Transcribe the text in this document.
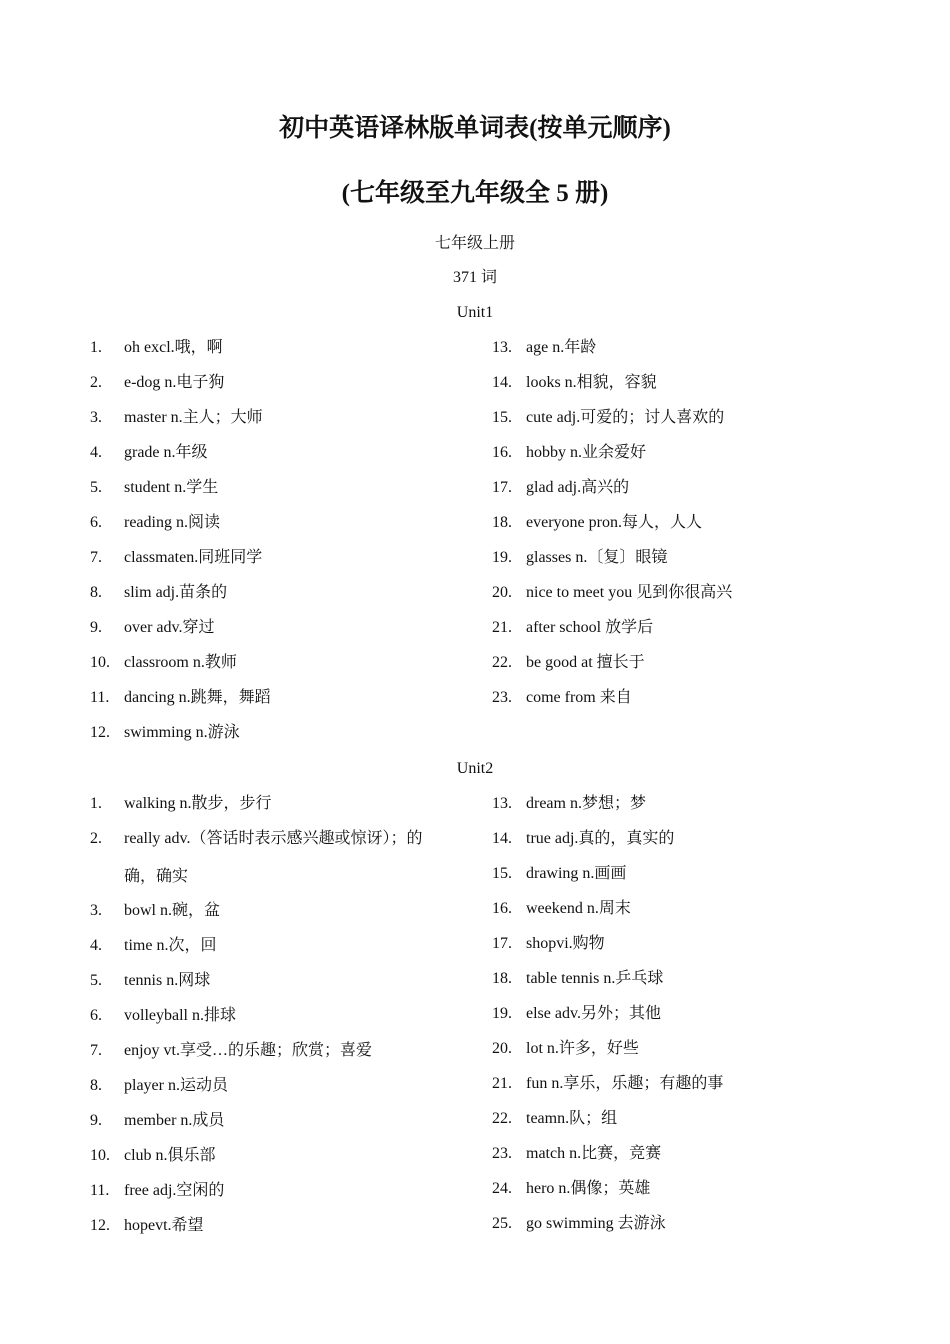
初中英语译林版单词表(按单元顺序)
(七年级至九年级全 5 册)

七年级上册

371 词

Unit1

1. oh excl.哦，啊
2. e-dog n.电子狗
3. master n.主人；大师
4. grade n.年级
5. student n.学生
6. reading n.阅读
7. classmaten.同班同学
8. slim adj.苗条的
9. over adv.穿过
10. classroom n.教师
11. dancing n.跳舞，舞蹈
12. swimming n.游泳
13. age n.年龄
14. looks n.相貌，容貌
15. cute adj.可爱的；讨人喜欢的
16. hobby n.业余爱好
17. glad adj.高兴的
18. everyone pron.每人，人人
19. glasses n.〔复〕眼镜
20. nice to meet you 见到你很高兴
21. after school 放学后
22. be good at 擅长于
23. come from 来自

Unit2

1. walking n.散步，步行
2. really adv.（答话时表示感兴趣或惊讶）；的确，确实
3. bowl n.碗，盆
4. time n.次，回
5. tennis n.网球
6. volleyball n.排球
7. enjoy vt.享受…的乐趣；欣赏；喜爱
8. player n.运动员
9. member n.成员
10. club n.俱乐部
11. free adj.空闲的
12. hopevt.希望
13. dream n.梦想；梦
14. true adj.真的，真实的
15. drawing n.画画
16. weekend n.周末
17. shopvi.购物
18. table tennis n.乒乓球
19. else adv.另外；其他
20. lot n.许多，好些
21. fun n.享乐，乐趣；有趣的事
22. teamn.队；组
23. match n.比赛，竞赛
24. hero n.偶像；英雄
25. go swimming 去游泳
